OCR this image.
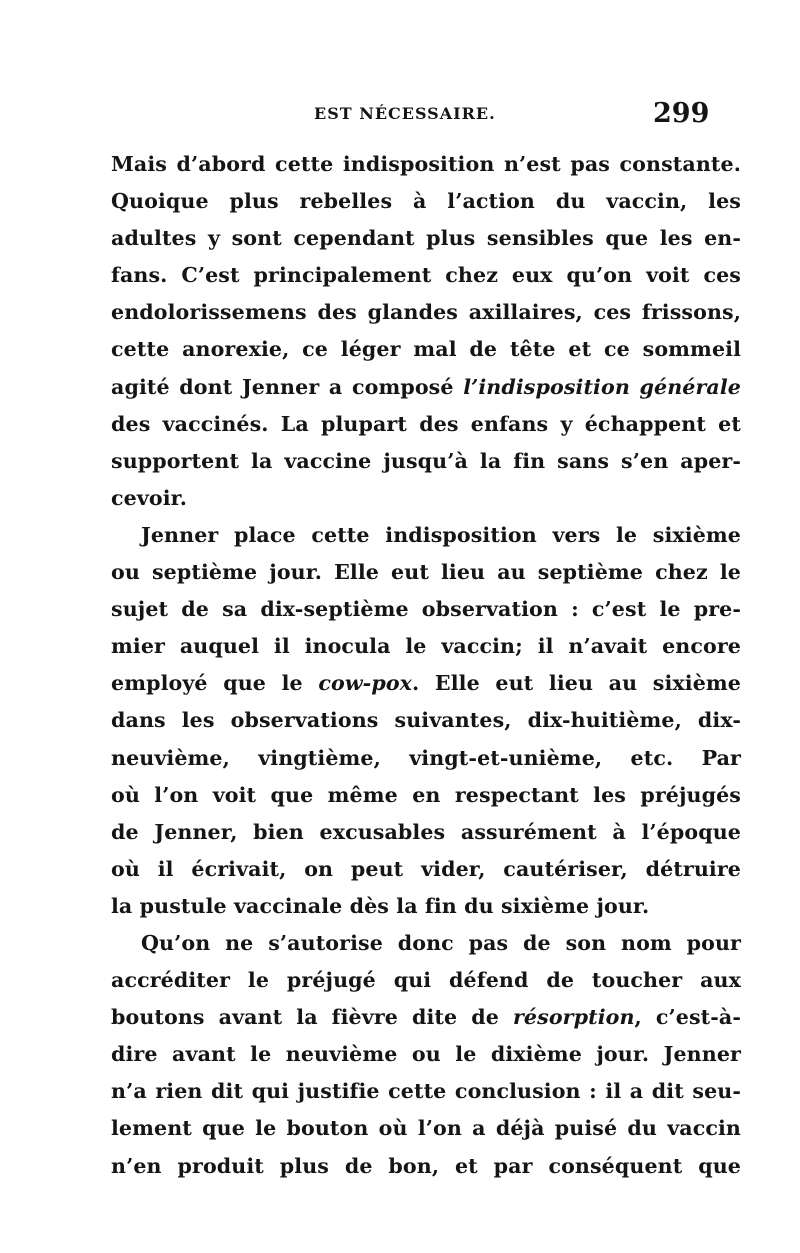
EST NÉCESSAIRE.	299
Mais d’abord cette indisposition n’est pas constante.
Quoique plus rebelles à l’action du vaccin, les
adultes y sont cependant plus sensibles que les en-
fans. C’est principalement chez eux qu’on voit ces
endolorissemens des glandes axillaires, ces frissons,
cette anorexie, ce léger mal de tête et ce sommeil
agité dont Jenner a composé l’indisposition générale
des vaccinés. La plupart des enfans y échappent et
supportent la vaccine jusqu’à la fin sans s’en aper-
cevoir.
Jenner place cette indisposition vers le sixième
ou septième jour. Elle eut lieu au septième chez le
sujet de sa dix-septième observation : c’est le pre-
mier auquel il inocula le vaccin; il n’avait encore
employé que le cow-pox. Elle eut lieu au sixième
dans les observations suivantes, dix-huitième, dix-
neuvième, vingtième, vingt-et-unième, etc. Par
où l’on voit que même en respectant les préjugés
de Jenner, bien excusables assurément à l’époque
où il écrivait, on peut vider, cautériser, détruire
la pustule vaccinale dès la fin du sixième jour.
Qu’on ne s’autorise donc pas de son nom pour
accréditer le préjugé qui défend de toucher aux
boutons avant la fièvre dite de résorption, c’est-à-
dire avant le neuvième ou le dixième jour. Jenner
n’a rien dit qui justifie cette conclusion : il a dit seu-
lement que le bouton où l’on a déjà puisé du vaccin
n’en produit plus de bon, et par conséquent que
